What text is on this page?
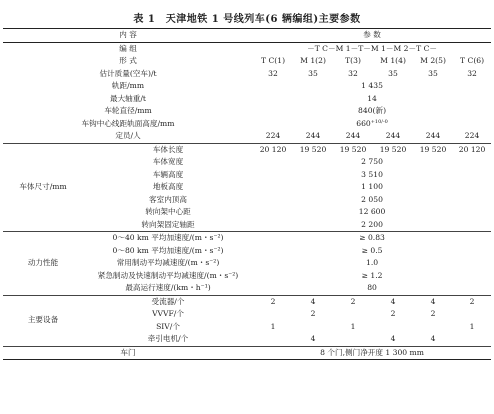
表 1　天津地铁 1 号线列车(6 辆编组)主要参数
内 容		参 数					
编 组		－T C－M 1－T－M 1－M 2－T C－					
形 式		T C(1)	M 1(2)	T(3)	M 1(4)	M 2(5)	T C(6)
估计质量(空车)/t		32	35	32	35	35	32
轨距/mm		1 435					
最大轴重/t		14					
车轮直径/mm		840(新)					
车钩中心线距轨面高度/mm		$660^{+10/-0}$
定员/人		224	244	244	244	244	224
车体尺寸/mm	车体长度	20 120	19 520	19 520	19 520	19 520	20 120
	车体宽度	2 750					
	车辆高度	3 510					
	地板高度	1 100					
	客室内顶高	2 050					
	转向架中心距	12 600					
	转向架固定轴距	2 200					
动力性能	0～40 km 平均加速度/(m・s⁻²)	≥ 0.83					
	0～80 km 平均加速度/(m・s⁻²)	≥ 0.5					
	常用制动平均减速度/(m・s⁻²)	1.0					
	紧急制动及快速制动平均减速度/(m・s⁻²)	≥ 1.2					
	最高运行速度/(km・h⁻¹)	80					
主要设备	受流器/个	2	4	2	4	4	2
	VVVF/个		2		2	2	
	SIV/个	1		1			1
	牵引电机/个		4		4	4	
车门		8 个门,侧门净开度 1 300 mm					
